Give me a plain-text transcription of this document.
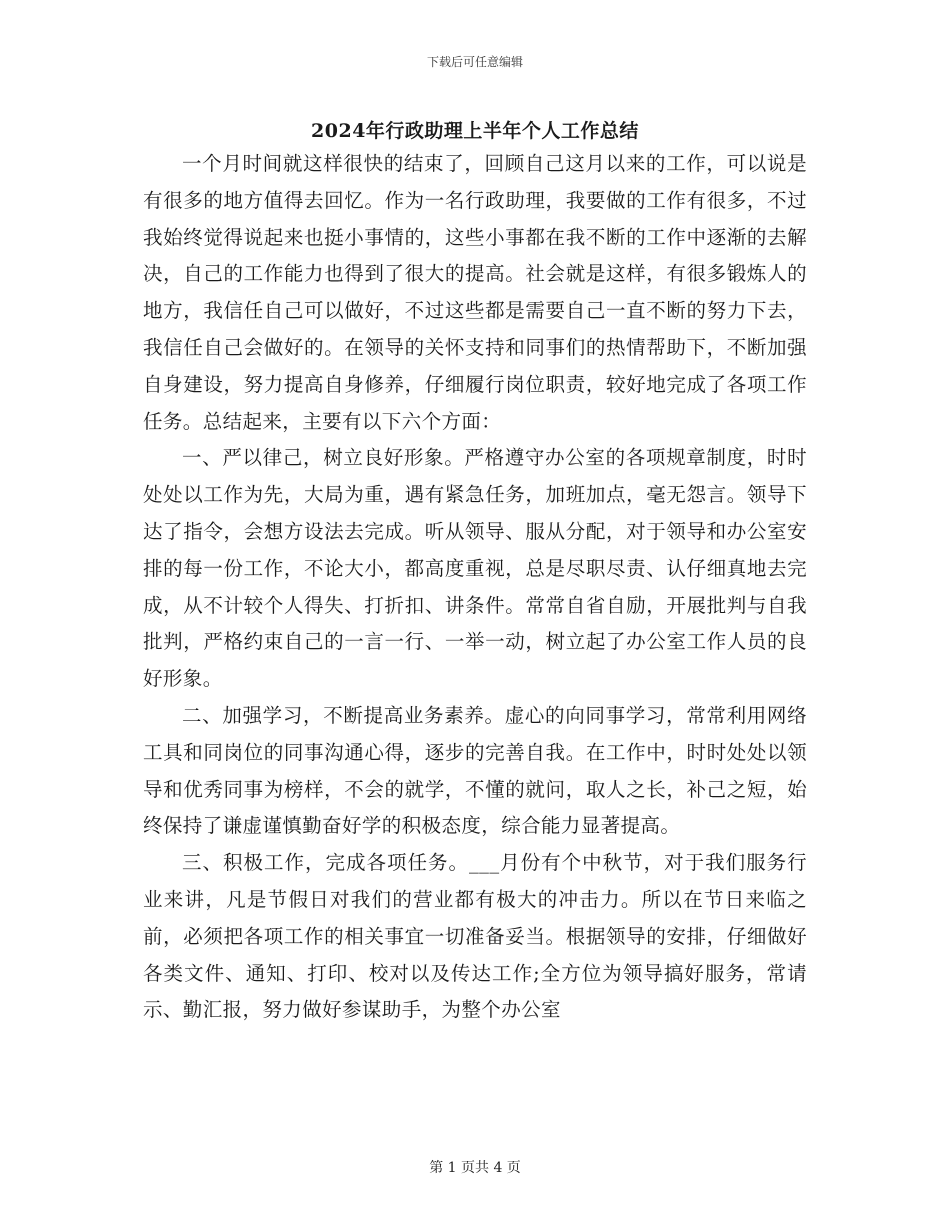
下载后可任意编辑
2024年行政助理上半年个人工作总结

一个月时间就这样很快的结束了，回顾自己这月以来的工作，可以说是有很多的地方值得去回忆。作为一名行政助理，我要做的工作有很多，不过我始终觉得说起来也挺小事情的，这些小事都在我不断的工作中逐渐的去解决，自己的工作能力也得到了很大的提高。社会就是这样，有很多锻炼人的地方，我信任自己可以做好，不过这些都是需要自己一直不断的努力下去，我信任自己会做好的。在领导的关怀支持和同事们的热情帮助下，不断加强自身建设，努力提高自身修养，仔细履行岗位职责，较好地完成了各项工作任务。总结起来，主要有以下六个方面：

一、严以律己，树立良好形象。严格遵守办公室的各项规章制度，时时处处以工作为先，大局为重，遇有紧急任务，加班加点，毫无怨言。领导下达了指令，会想方设法去完成。听从领导、服从分配，对于领导和办公室安排的每一份工作，不论大小，都高度重视，总是尽职尽责、认仔细真地去完成，从不计较个人得失、打折扣、讲条件。常常自省自励，开展批判与自我批判，严格约束自己的一言一行、一举一动，树立起了办公室工作人员的良好形象。

二、加强学习，不断提高业务素养。虚心的向同事学习，常常利用网络工具和同岗位的同事沟通心得，逐步的完善自我。在工作中，时时处处以领导和优秀同事为榜样，不会的就学，不懂的就问，取人之长，补己之短，始终保持了谦虚谨慎勤奋好学的积极态度，综合能力显著提高。

三、积极工作，完成各项任务。___月份有个中秋节，对于我们服务行业来讲，凡是节假日对我们的营业都有极大的冲击力。所以在节日来临之前，必须把各项工作的相关事宜一切准备妥当。根据领导的安排，仔细做好各类文件、通知、打印、校对以及传达工作;全方位为领导搞好服务，常请示、勤汇报，努力做好参谋助手，为整个办公室

第 1 页共 4 页
